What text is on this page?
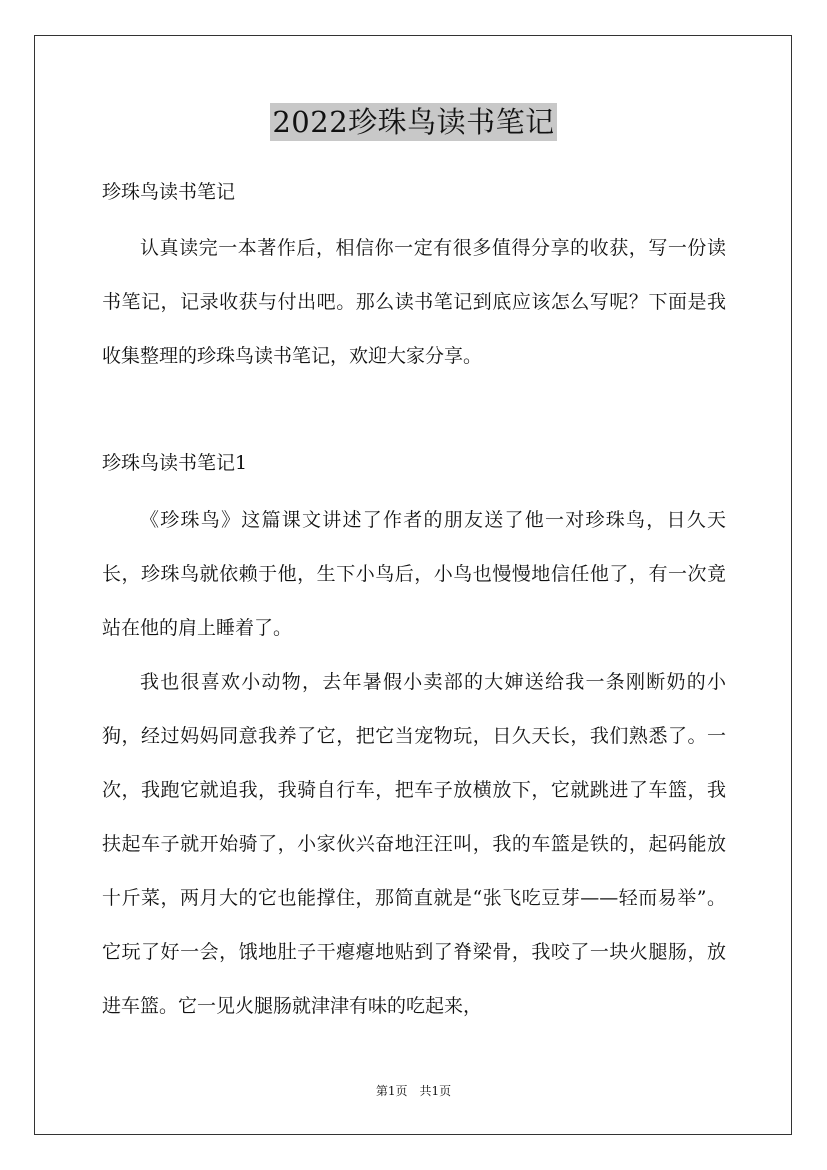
2022珍珠鸟读书笔记

珍珠鸟读书笔记

认真读完一本著作后，相信你一定有很多值得分享的收获，写一份读书笔记，记录收获与付出吧。那么读书笔记到底应该怎么写呢？下面是我收集整理的珍珠鸟读书笔记，欢迎大家分享。

珍珠鸟读书笔记1

《珍珠鸟》这篇课文讲述了作者的朋友送了他一对珍珠鸟，日久天长，珍珠鸟就依赖于他，生下小鸟后，小鸟也慢慢地信任他了，有一次竟站在他的肩上睡着了。

我也很喜欢小动物，去年暑假小卖部的大婶送给我一条刚断奶的小狗，经过妈妈同意我养了它，把它当宠物玩，日久天长，我们熟悉了。一次，我跑它就追我，我骑自行车，把车子放横放下，它就跳进了车篮，我扶起车子就开始骑了，小家伙兴奋地汪汪叫，我的车篮是铁的，起码能放十斤菜，两月大的它也能撑住，那简直就是“张飞吃豆芽——轻而易举”。它玩了好一会，饿地肚子干瘪瘪地贴到了脊梁骨，我咬了一块火腿肠，放进车篮。它一见火腿肠就津津有味的吃起来，

第1页 共1页
